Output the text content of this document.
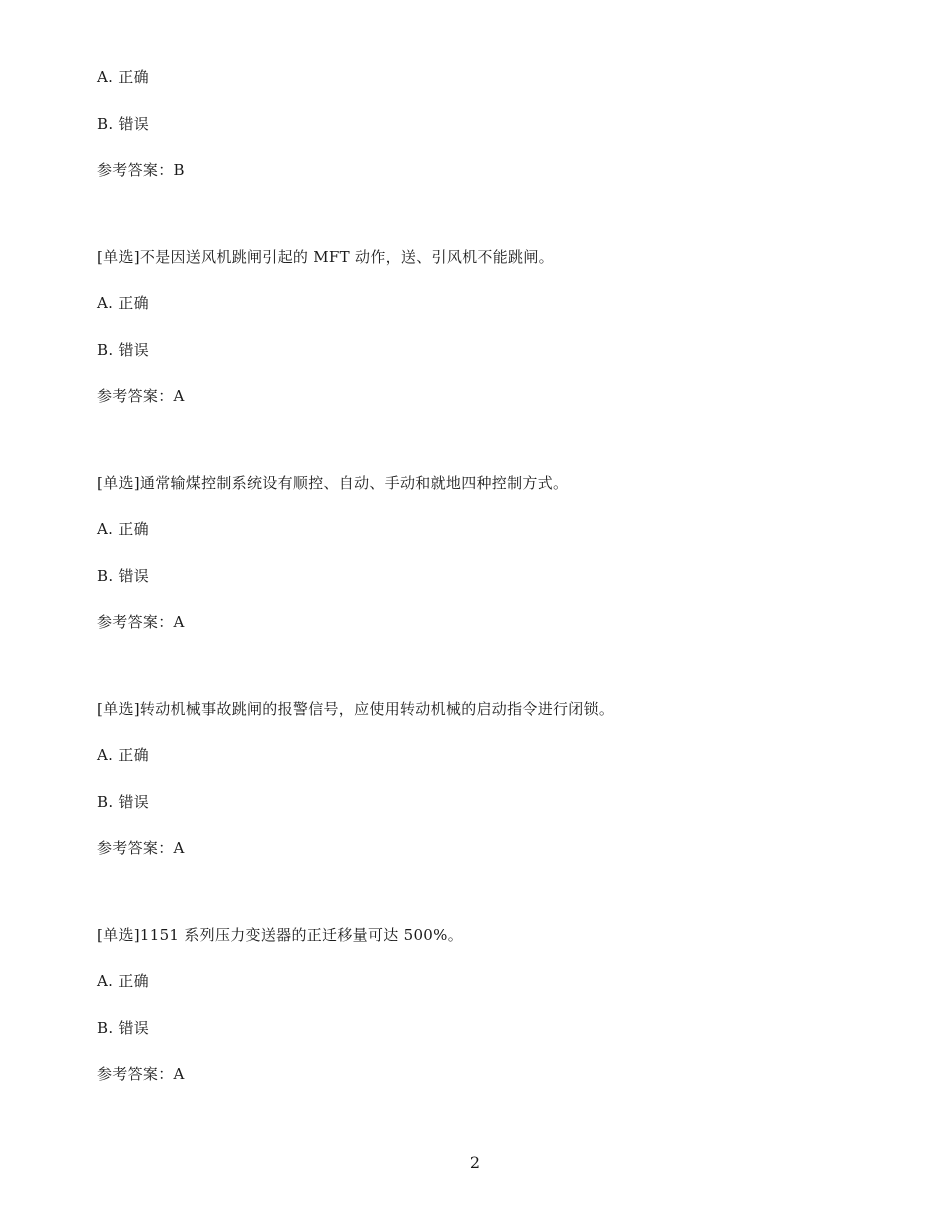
A. 正确
B. 错误
参考答案：B
[单选]不是因送风机跳闸引起的 MFT 动作，送、引风机不能跳闸。
A. 正确
B. 错误
参考答案：A
[单选]通常输煤控制系统设有顺控、自动、手动和就地四种控制方式。
A. 正确
B. 错误
参考答案：A
[单选]转动机械事故跳闸的报警信号，应使用转动机械的启动指令进行闭锁。
A. 正确
B. 错误
参考答案：A
[单选]1151 系列压力变送器的正迁移量可达 500%。
A. 正确
B. 错误
参考答案：A
2
